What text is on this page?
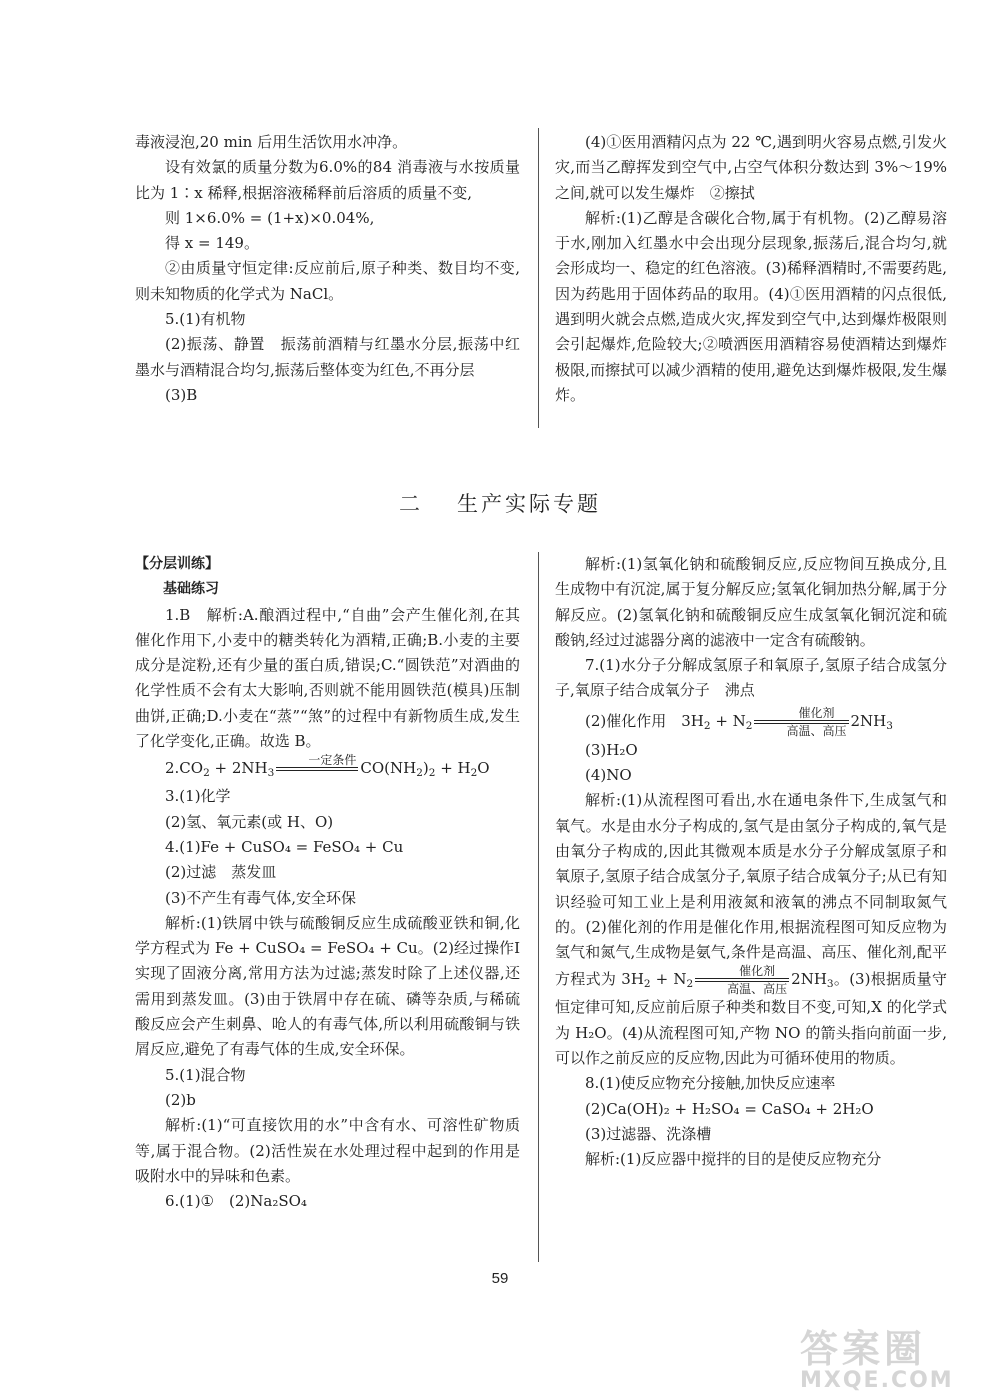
毒液浸泡,20 min 后用生活饮用水冲净。

设有效氯的质量分数为6.0%的84 消毒液与水按质量比为 1∶x 稀释,根据溶液稀释前后溶质的质量不变,

则 1×6.0% = (1+x)×0.04%,

得 x = 149。

②由质量守恒定律:反应前后,原子种类、数目均不变,则未知物质的化学式为 NaCl。

5.(1)有机物

(2)振荡、静置　振荡前酒精与红墨水分层,振荡中红墨水与酒精混合均匀,振荡后整体变为红色,不再分层

(3)B

(4)①医用酒精闪点为 22 ℃,遇到明火容易点燃,引发火灾,而当乙醇挥发到空气中,占空气体积分数达到 3%～19%之间,就可以发生爆炸　②擦拭

解析:(1)乙醇是含碳化合物,属于有机物。(2)乙醇易溶于水,刚加入红墨水中会出现分层现象,振荡后,混合均匀,就会形成均一、稳定的红色溶液。(3)稀释酒精时,不需要药匙,因为药匙用于固体药品的取用。(4)①医用酒精的闪点很低,遇到明火就会点燃,造成火灾,挥发到空气中,达到爆炸极限则会引起爆炸,危险较大;②喷洒医用酒精容易使酒精达到爆炸极限,而擦拭可以减少酒精的使用,避免达到爆炸极限,发生爆炸。

二 生产实际专题

【分层训练】

基础练习

1.B　解析:A.酿酒过程中,“自曲”会产生催化剂,在其催化作用下,小麦中的糖类转化为酒精,正确;B.小麦的主要成分是淀粉,还有少量的蛋白质,错误;C.“圆铁范”对酒曲的化学性质不会有太大影响,否则就不能用圆铁范(模具)压制曲饼,正确;D.小麦在“蒸”“煞”的过程中有新物质生成,发生了化学变化,正确。故选 B。

$2.CO_2 + 2NH_3$
一定条件 $CO(NH_2)_2 + H_2O$

3.(1)化学

(2)氢、氧元素(或 H、O)

4.(1)Fe + CuSO₄ = FeSO₄ + Cu

(2)过滤　蒸发皿

(3)不产生有毒气体,安全环保

解析:(1)铁屑中铁与硫酸铜反应生成硫酸亚铁和铜,化学方程式为 Fe + CuSO₄ = FeSO₄ + Cu。(2)经过操作Ⅰ实现了固液分离,常用方法为过滤;蒸发时除了上述仪器,还需用到蒸发皿。(3)由于铁屑中存在硫、磷等杂质,与稀硫酸反应会产生刺鼻、呛人的有毒气体,所以利用硫酸铜与铁屑反应,避免了有毒气体的生成,安全环保。

5.(1)混合物

(2)b

解析:(1)“可直接饮用的水”中含有水、可溶性矿物质等,属于混合物。(2)活性炭在水处理过程中起到的作用是吸附水中的异味和色素。

6.(1)①　(2)Na₂SO₄

解析:(1)氢氧化钠和硫酸铜反应,反应物间互换成分,且生成物中有沉淀,属于复分解反应;氢氧化铜加热分解,属于分解反应。(2)氢氧化钠和硫酸铜反应生成氢氧化铜沉淀和硫酸钠,经过过滤器分离的滤液中一定含有硫酸钠。

7.(1)水分子分解成氢原子和氧原子,氢原子结合成氢分子,氧原子结合成氧分子　沸点

(2)催化作用　$3H_2 + N_2$
催化剂
高温、高压
$2NH_3$

(3)H₂O

(4)NO

解析:(1)从流程图可看出,水在通电条件下,生成氢气和氧气。水是由水分子构成的,氢气是由氢分子构成的,氧气是由氧分子构成的,因此其微观本质是水分子分解成氢原子和氧原子,氢原子结合成氢分子,氧原子结合成氧分子;从已有知识经验可知工业上是利用液氮和液氧的沸点不同制取氮气的。(2)催化剂的作用是催化作用,根据流程图可知反应物为氢气和氮气,生成物是氨气,条件是高温、高压、催化剂,配平方程式为 $3H_2 + N_2$
催化剂
高温、高压
$2NH_3$。(3)根据质量守恒定律可知,反应前后原子种类和数目不变,可知,X 的化学式为 H₂O。(4)从流程图可知,产物 NO 的箭头指向前面一步,可以作之前反应的反应物,因此为可循环使用的物质。

8.(1)使反应物充分接触,加快反应速率

(2)Ca(OH)₂ + H₂SO₄ = CaSO₄ + 2H₂O

(3)过滤器、洗涤槽

解析:(1)反应器中搅拌的目的是使反应物充分

59
答案圈
MXQE.COM
